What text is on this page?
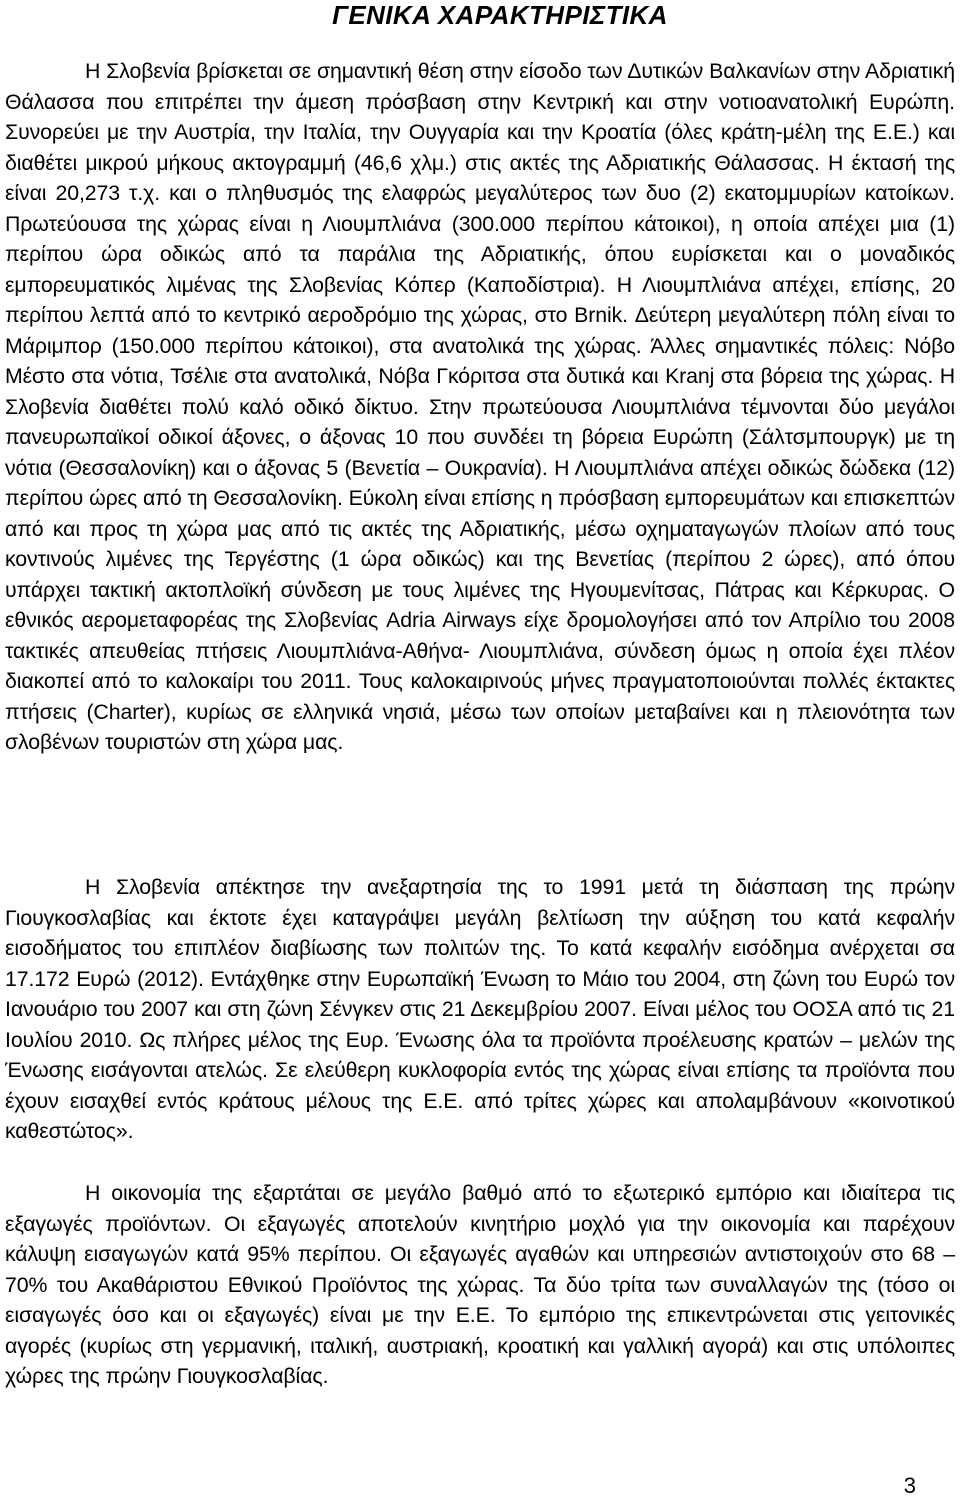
ΓΕΝΙΚΑ ΧΑΡΑΚΤΗΡΙΣΤΙΚΑ

Η Σλοβενία βρίσκεται σε σημαντική θέση στην είσοδο των Δυτικών Βαλκανίων στην Αδριατική Θάλασσα που επιτρέπει την άμεση πρόσβαση στην Κεντρική και στην νοτιοανατολική Ευρώπη. Συνορεύει με την Αυστρία, την Ιταλία, την Ουγγαρία και την Κροατία (όλες κράτη-μέλη της Ε.Ε.) και διαθέτει μικρού μήκους ακτογραμμή (46,6 χλμ.) στις ακτές της Αδριατικής Θάλασσας. Η έκτασή της είναι 20,273 τ.χ. και ο πληθυσμός της ελαφρώς μεγαλύτερος των δυο (2) εκατομμυρίων κατοίκων. Πρωτεύουσα της χώρας είναι η Λιουμπλιάνα (300.000 περίπου κάτοικοι), η οποία απέχει μια (1) περίπου ώρα οδικώς από τα παράλια της Αδριατικής, όπου ευρίσκεται και ο μοναδικός εμπορευματικός λιμένας της Σλοβενίας Κόπερ (Καποδίστρια). Η Λιουμπλιάνα απέχει, επίσης, 20 περίπου λεπτά από το κεντρικό αεροδρόμιο της χώρας, στο Brnik. Δεύτερη μεγαλύτερη πόλη είναι το Μάριμπορ (150.000 περίπου κάτοικοι), στα ανατολικά της χώρας. Άλλες σημαντικές πόλεις: Νόβο Μέστο στα νότια, Τσέλιε στα ανατολικά, Νόβα Γκόριτσα στα δυτικά και Kranj στα βόρεια της χώρας. Η Σλοβενία διαθέτει πολύ καλό οδικό δίκτυο. Στην πρωτεύουσα Λιουμπλιάνα τέμνονται δύο μεγάλοι πανευρωπαϊκοί οδικοί άξονες, ο άξονας 10 που συνδέει τη βόρεια Ευρώπη (Σάλτσμπουργκ) με τη νότια (Θεσσαλονίκη) και ο άξονας 5 (Βενετία – Ουκρανία). Η Λιουμπλιάνα απέχει οδικώς δώδεκα (12) περίπου ώρες από τη Θεσσαλονίκη. Εύκολη είναι επίσης η πρόσβαση εμπορευμάτων και επισκεπτών από και προς τη χώρα μας από τις ακτές της Αδριατικής, μέσω οχηματαγωγών πλοίων από τους κοντινούς λιμένες της Τεργέστης (1 ώρα οδικώς) και της Βενετίας (περίπου 2 ώρες), από όπου υπάρχει τακτική ακτοπλοϊκή σύνδεση με τους λιμένες της Ηγουμενίτσας, Πάτρας και Κέρκυρας. Ο εθνικός αερομεταφορέας της Σλοβενίας Adria Airways είχε δρομολογήσει από τον Απρίλιο του 2008 τακτικές απευθείας πτήσεις Λιουμπλιάνα-Αθήνα- Λιουμπλιάνα, σύνδεση όμως η οποία έχει πλέον διακοπεί από το καλοκαίρι του 2011. Τους καλοκαιρινούς μήνες πραγματοποιούνται πολλές έκτακτες πτήσεις (Charter), κυρίως σε ελληνικά νησιά, μέσω των οποίων μεταβαίνει και η πλειονότητα των σλοβένων τουριστών στη χώρα μας.

Η Σλοβενία απέκτησε την ανεξαρτησία της το 1991 μετά τη διάσπαση της πρώην Γιουγκοσλαβίας και έκτοτε έχει καταγράψει μεγάλη βελτίωση την αύξηση του κατά κεφαλήν εισοδήματος του επιπλέον διαβίωσης των πολιτών της. Το κατά κεφαλήν εισόδημα ανέρχεται σα 17.172 Ευρώ (2012). Εντάχθηκε στην Ευρωπαϊκή Ένωση το Μάιο του 2004, στη ζώνη του Ευρώ τον Ιανουάριο του 2007 και στη ζώνη Σένγκεν στις 21 Δεκεμβρίου 2007. Είναι μέλος του ΟΟΣΑ από τις 21 Ιουλίου 2010. Ως πλήρες μέλος της Ευρ. Ένωσης όλα τα προϊόντα προέλευσης κρατών – μελών της Ένωσης εισάγονται ατελώς. Σε ελεύθερη κυκλοφορία εντός της χώρας είναι επίσης τα προϊόντα που έχουν εισαχθεί εντός κράτους μέλους της Ε.Ε. από τρίτες χώρες και απολαμβάνουν «κοινοτικού καθεστώτος».

Η οικονομία της εξαρτάται σε μεγάλο βαθμό από το εξωτερικό εμπόριο και ιδιαίτερα τις εξαγωγές προϊόντων. Οι εξαγωγές αποτελούν κινητήριο μοχλό για την οικονομία και παρέχουν κάλυψη εισαγωγών κατά 95% περίπου. Οι εξαγωγές αγαθών και υπηρεσιών αντιστοιχούν στο 68 – 70% του Ακαθάριστου Εθνικού Προϊόντος της χώρας. Τα δύο τρίτα των συναλλαγών της (τόσο οι εισαγωγές όσο και οι εξαγωγές) είναι με την Ε.Ε. Το εμπόριο της επικεντρώνεται στις γειτονικές αγορές (κυρίως στη γερμανική, ιταλική, αυστριακή, κροατική και γαλλική αγορά) και στις υπόλοιπες χώρες της πρώην Γιουγκοσλαβίας.

3
